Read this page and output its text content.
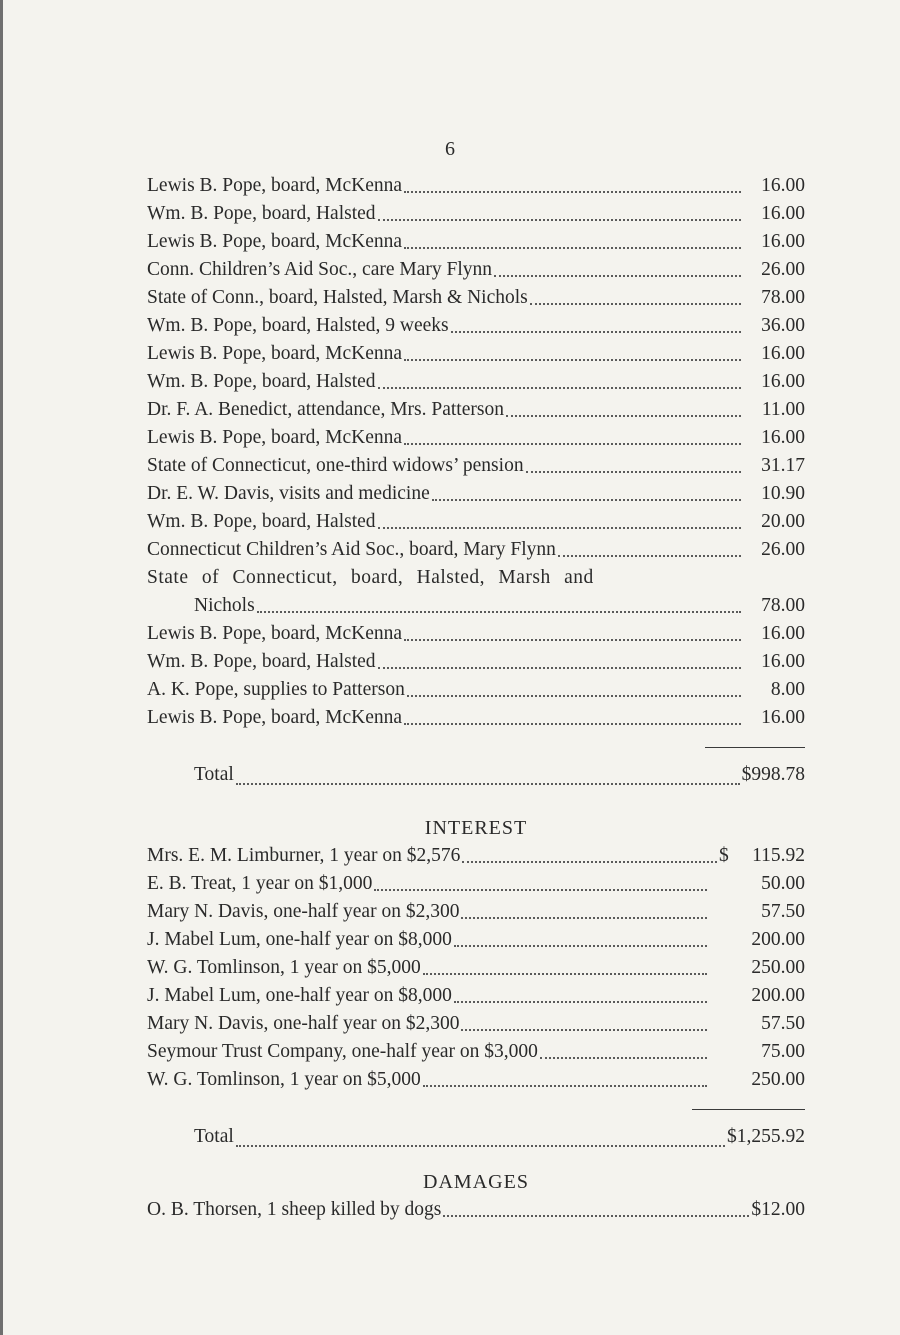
6
Lewis B. Pope, board, McKenna	16.00
Wm. B. Pope, board, Halsted	16.00
Lewis B. Pope, board, McKenna	16.00
Conn. Children’s Aid Soc., care Mary Flynn	26.00
State of Conn., board, Halsted, Marsh & Nichols	78.00
Wm. B. Pope, board, Halsted, 9 weeks	36.00
Lewis B. Pope, board, McKenna	16.00
Wm. B. Pope, board, Halsted	16.00
Dr. F. A. Benedict, attendance, Mrs. Patterson	11.00
Lewis B. Pope, board, McKenna	16.00
State of Connecticut, one-third widows’ pension	31.17
Dr. E. W. Davis, visits and medicine	10.90
Wm. B. Pope, board, Halsted	20.00
Connecticut Children’s Aid Soc., board, Mary Flynn	26.00
State of Connecticut, board, Halsted, Marsh and
Nichols	78.00
Lewis B. Pope, board, McKenna	16.00
Wm. B. Pope, board, Halsted	16.00
A. K. Pope, supplies to Patterson	8.00
Lewis B. Pope, board, McKenna	16.00
Total	$998.78
INTEREST
Mrs. E. M. Limburner, 1 year on $2,576	$	115.92
E. B. Treat, 1 year on $1,000	50.00
Mary N. Davis, one-half year on $2,300	57.50
J. Mabel Lum, one-half year on $8,000	200.00
W. G. Tomlinson, 1 year on $5,000	250.00
J. Mabel Lum, one-half year on $8,000	200.00
Mary N. Davis, one-half year on $2,300	57.50
Seymour Trust Company, one-half year on $3,000	75.00
W. G. Tomlinson, 1 year on $5,000	250.00
Total	$1,255.92
DAMAGES
O. B. Thorsen, 1 sheep killed by dogs	$12.00
